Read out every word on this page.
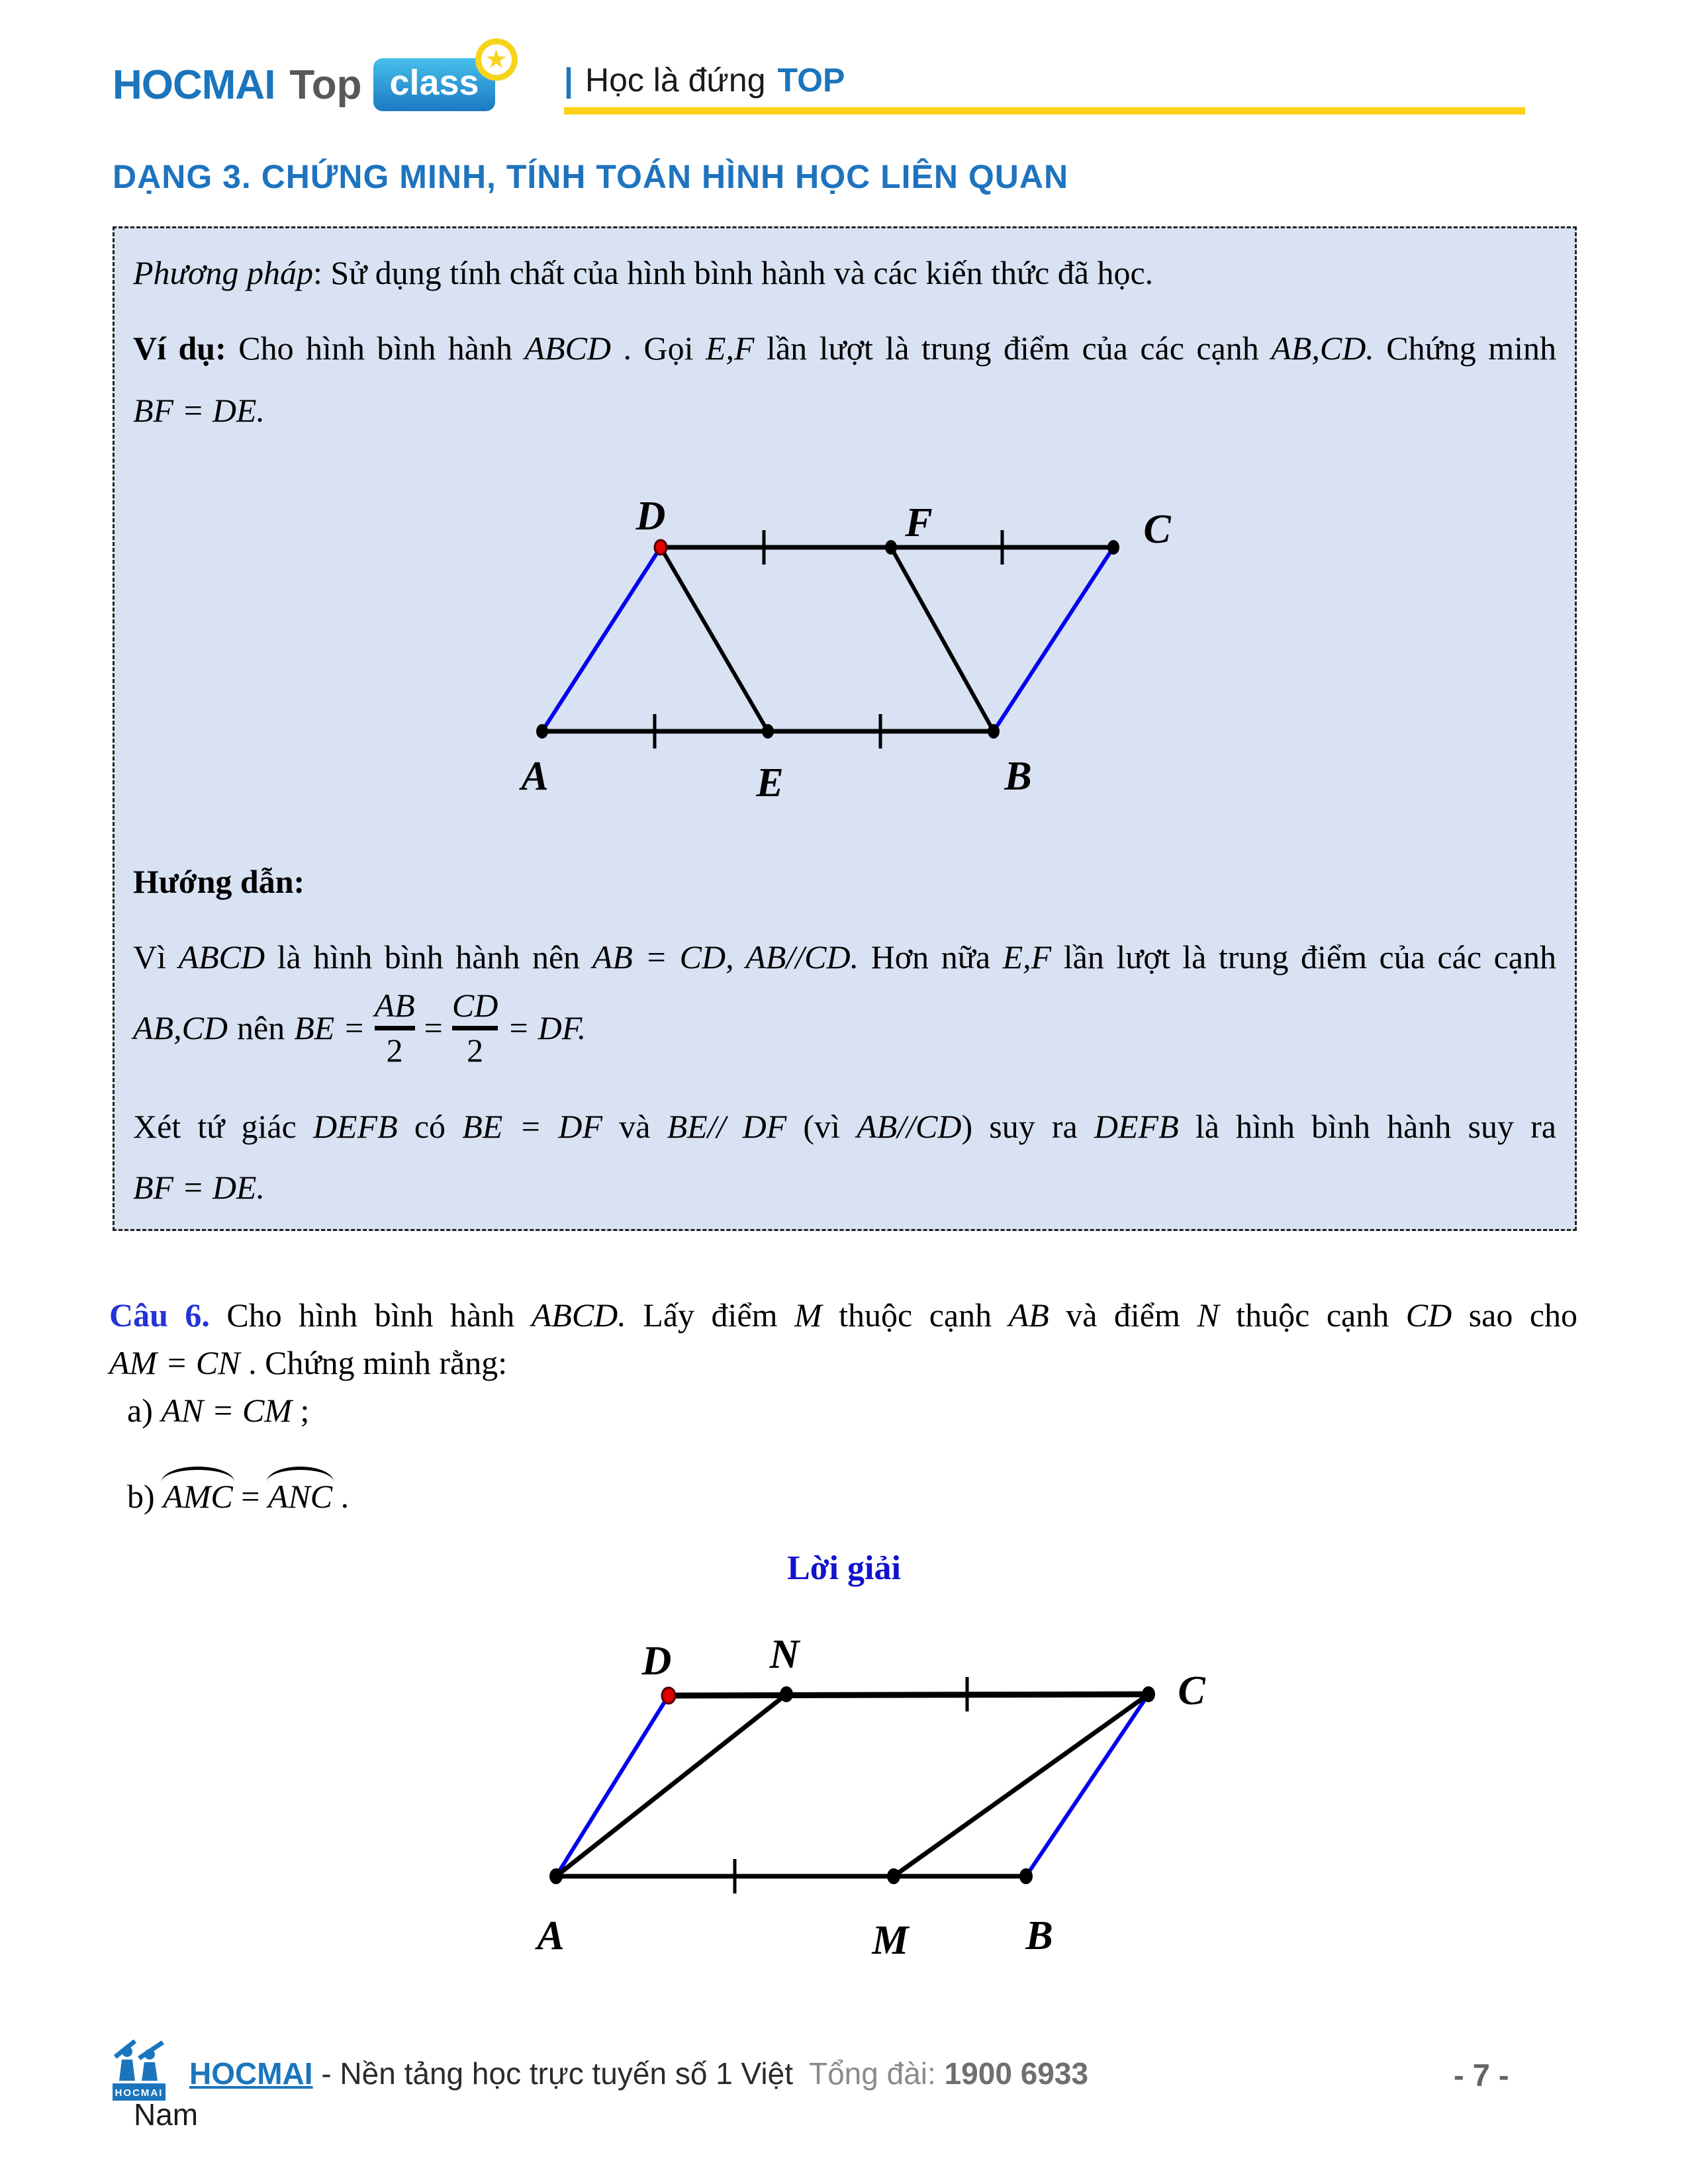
HOCMAI Top class
★
| Học là đứng TOP
DẠNG 3. CHỨNG MINH, TÍNH TOÁN HÌNH HỌC LIÊN QUAN
Phương pháp: Sử dụng tính chất của hình bình hành và các kiến thức đã học.
Ví dụ: Cho hình bình hành ABCD . Gọi E,F lần lượt là trung điểm của các cạnh AB,CD. Chứng minh
BF = DE.
D	F	C
A	E	B
Hướng dẫn:
Vì ABCD là hình bình hành nên AB = CD, AB//CD. Hơn nữa E,F lần lượt là trung điểm của các cạnh
AB,CD nên BE =
AB
2
=
CD
2
= DF.
Xét tứ giác DEFB có BE = DF và BE// DF (vì AB//CD) suy ra DEFB là hình bình hành suy ra
BF = DE.
Câu 6. Cho hình bình hành ABCD. Lấy điểm M thuộc cạnh AB và điểm N thuộc cạnh CD sao cho
AM = CN . Chứng minh rằng:
a) AN = CM ;
b) AMC = ANC .
Lời giải
D N
C
A	M	B
HOCMAI
HOCMAI - Nền tảng học trực tuyến số 1 Việt Tổng đài: 1900 6933
Nam
- 7 -
